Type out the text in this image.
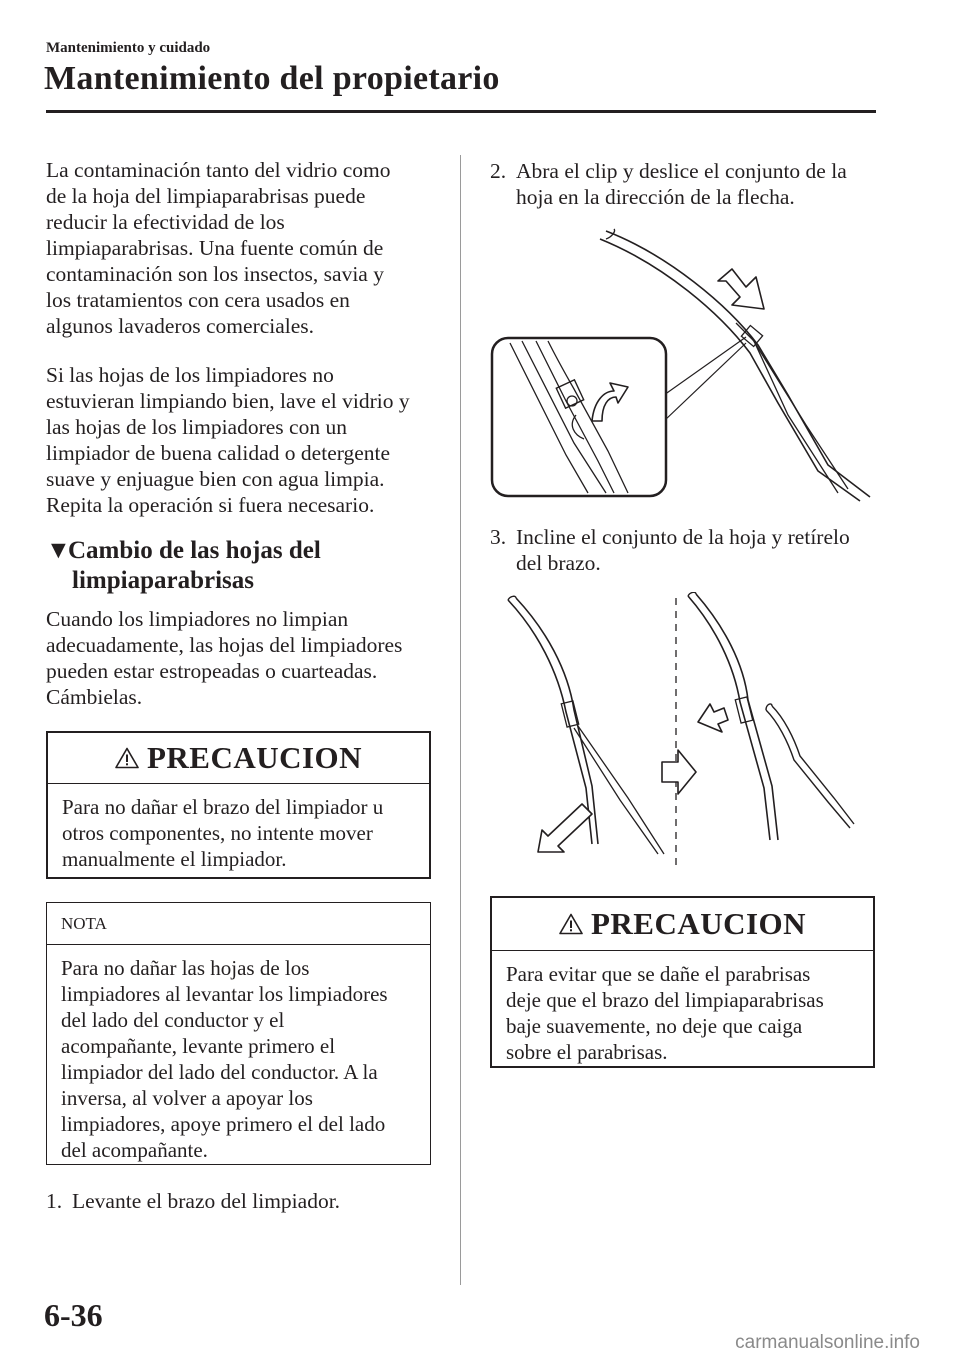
Mantenimiento y cuidado
Mantenimiento del propietario

La contaminación tanto del vidrio como

de la hoja del limpiaparabrisas puede

reducir la efectividad de los

limpiaparabrisas. Una fuente común de

contaminación son los insectos, savia y

los tratamientos con cera usados en

algunos lavaderos comerciales.

Si las hojas de los limpiadores no

estuvieran limpiando bien, lave el vidrio y

las hojas de los limpiadores con un

limpiador de buena calidad o detergente

suave y enjuague bien con agua limpia.

Repita la operación si fuera necesario.

▼Cambio de las hojas del
limpiaparabrisas

Cuando los limpiadores no limpian

adecuadamente, las hojas del limpiadores

pueden estar estropeadas o cuarteadas.

Cámbielas.

PRECAUCION

Para no dañar el brazo del limpiador u

otros componentes, no intente mover

manualmente el limpiador.

NOTA

Para no dañar las hojas de los

limpiadores al levantar los limpiadores

del lado del conductor y el

acompañante, levante primero el

limpiador del lado del conductor. A la

inversa, al volver a apoyar los

limpiadores, apoye primero el del lado

del acompañante.

1. Levante el brazo del limpiador.
2. Abra el clip y deslice el conjunto de la
hoja en la dirección de la flecha.
3. Incline el conjunto de la hoja y retírelo
del brazo.
PRECAUCION

Para evitar que se dañe el parabrisas

deje que el brazo del limpiaparabrisas

baje suavemente, no deje que caiga

sobre el parabrisas.

6-36
carmanualsonline.info
